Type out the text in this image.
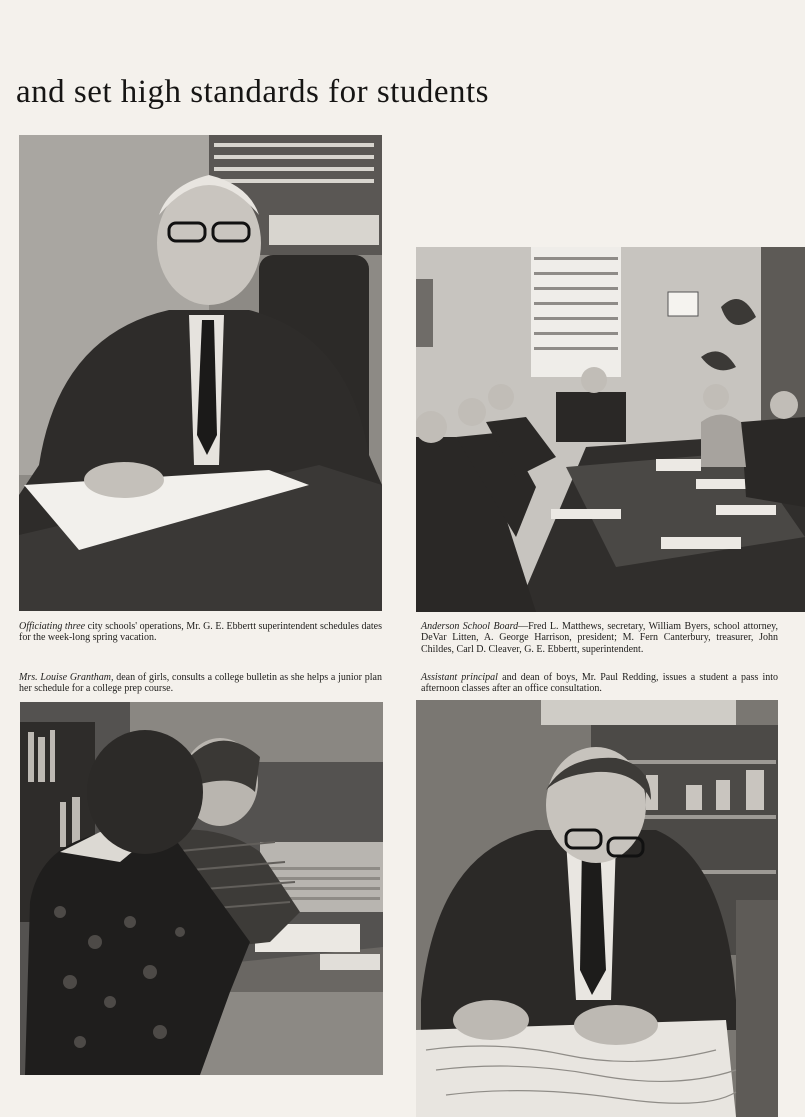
and set high standards for students
Officiating three city schools' operations, Mr. G. E. Ebbertt superintendent schedules dates for the week-long spring vacation.
Anderson School Board—Fred L. Matthews, secretary, William Byers, school attorney, DeVar Litten, A. George Harrison, president; M. Fern Canterbury, treasurer, John Childes, Carl D. Cleaver, G. E. Ebbertt, superintendent.
Mrs. Louise Grantham, dean of girls, consults a college bulletin as she helps a junior plan her schedule for a college prep course.
Assistant principal and dean of boys, Mr. Paul Redding, issues a student a pass into afternoon classes after an office consultation.
